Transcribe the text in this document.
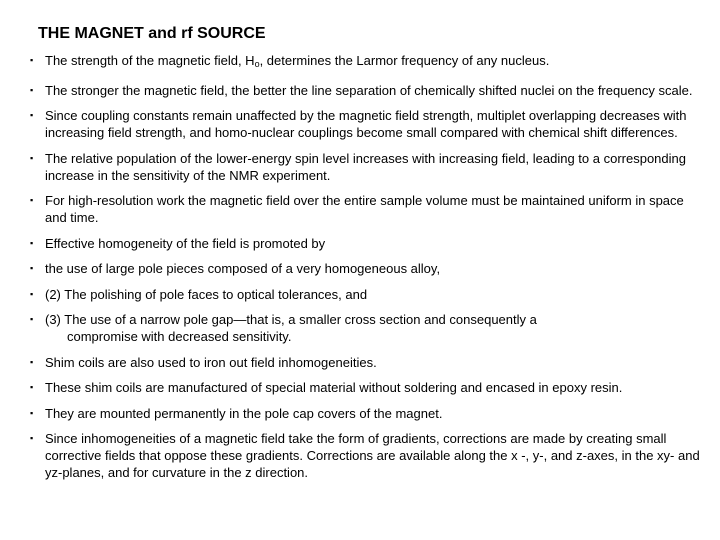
THE MAGNET and rf SOURCE
▪ The strength of the magnetic field, $H_o$, determines the Larmor frequency of any nucleus.
▪ The stronger the magnetic field, the better the line separation of chemically shifted nuclei on the frequency scale.
▪ Since coupling constants remain unaffected by the magnetic field strength, multiplet overlapping decreases with increasing field strength, and homo-nuclear couplings become small compared with chemical shift differences.
▪ The relative population of the lower-energy spin level increases with increasing field, leading to a corresponding increase in the sensitivity of the NMR experiment.
▪ For high-resolution work the magnetic field over the entire sample volume must be maintained uniform in space and time.
▪ Effective homogeneity of the field is promoted by
▪ the use of large pole pieces composed of a very homogeneous alloy,
▪ (2) The polishing of pole faces to optical tolerances, and
▪ (3) The use of a narrow pole gap—that is, a smaller cross section and consequently a
compromise with decreased sensitivity.
▪ Shim coils are also used to iron out field inhomogeneities.
▪ These shim coils are manufactured of special material without soldering and encased in epoxy resin.
▪ They are mounted permanently in the pole cap covers of the magnet.
▪ Since inhomogeneities of a magnetic field take the form of gradients, corrections are made by creating small corrective fields that oppose these gradients. Corrections are available along the x -, y-, and z-axes, in the xy- and yz-planes, and for curvature in the z direction.
